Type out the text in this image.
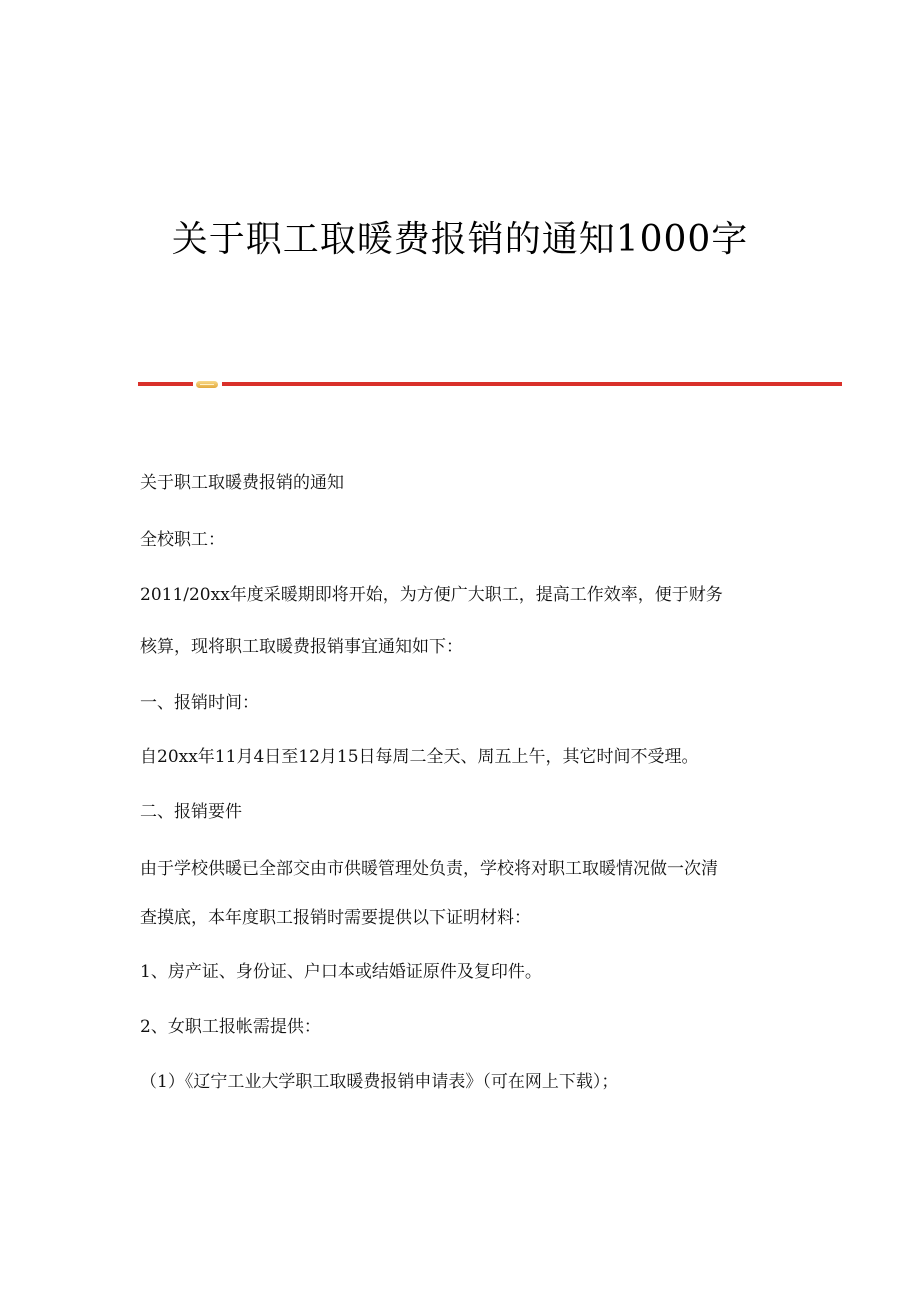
关于职工取暖费报销的通知1000字
关于职工取暖费报销的通知
全校职工：
2011/20xx年度采暖期即将开始，为方便广大职工，提高工作效率，便于财务
核算，现将职工取暖费报销事宜通知如下：
一、报销时间：
自20xx年11月4日至12月15日每周二全天、周五上午，其它时间不受理。
二、报销要件
由于学校供暖已全部交由市供暖管理处负责，学校将对职工取暖情况做一次清
查摸底，本年度职工报销时需要提供以下证明材料：
1、房产证、身份证、户口本或结婚证原件及复印件。
2、女职工报帐需提供：
（1）《辽宁工业大学职工取暖费报销申请表》（可在网上下载）；
